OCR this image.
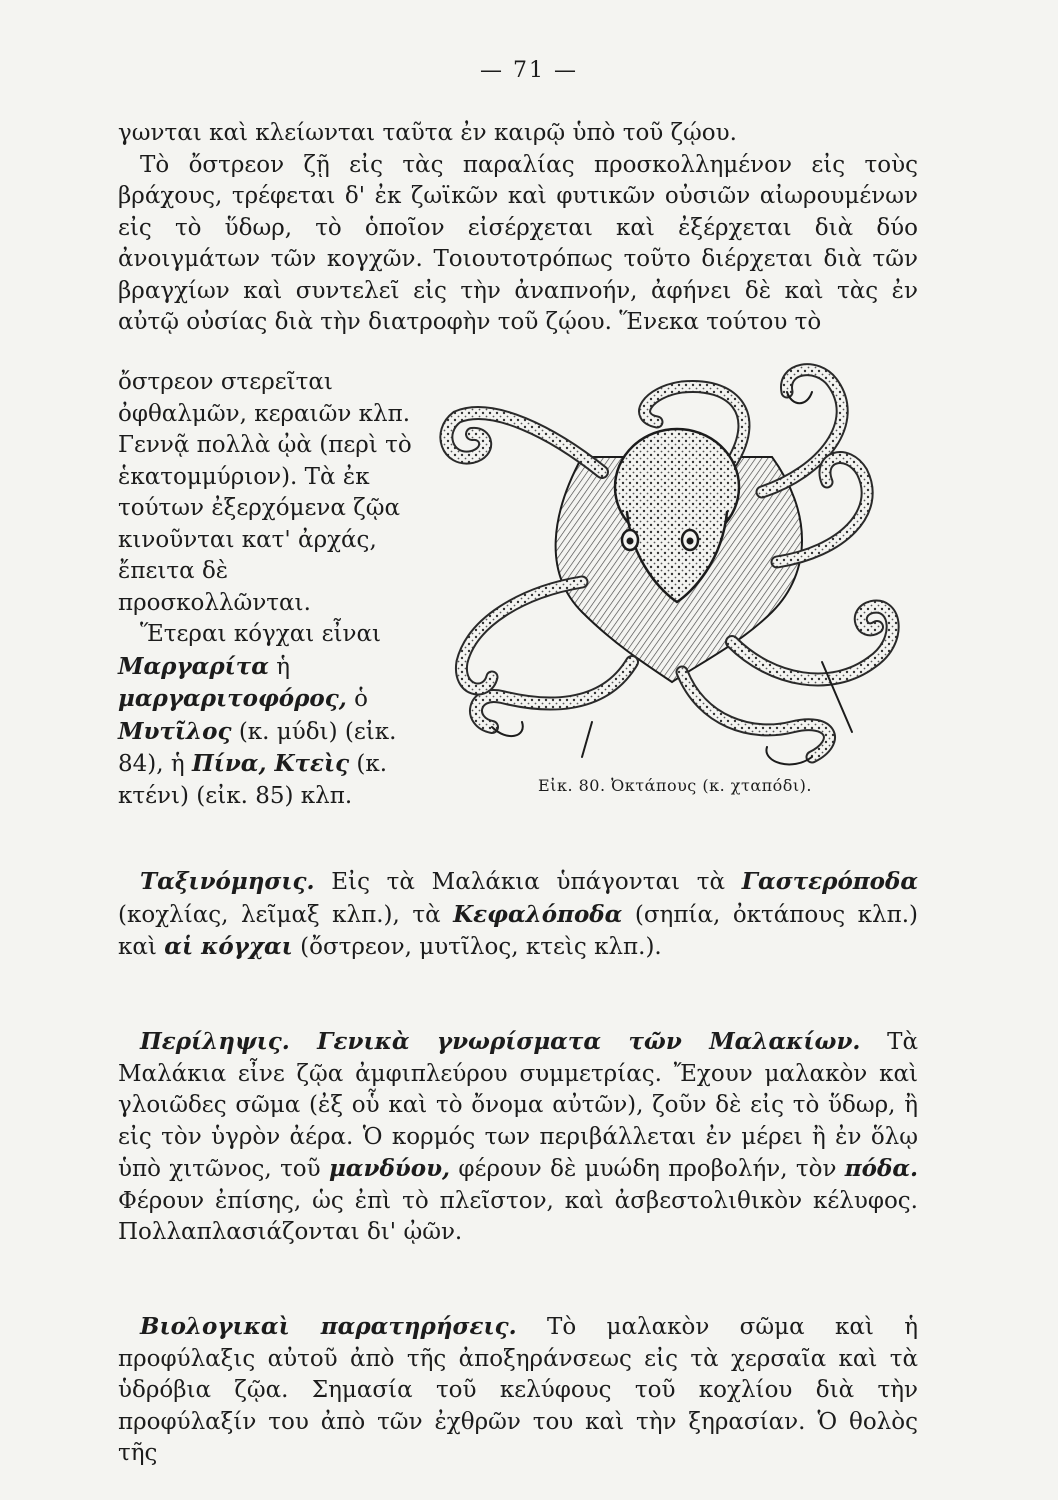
— 71 —

γωνται καὶ κλείωνται ταῦτα ἐν καιρῷ ὑπὸ τοῦ ζῴου.

Τὸ ὄστρεον ζῇ εἰς τὰς παραλίας προσκολλημένον εἰς τοὺς βράχους, τρέφεται δ' ἐκ ζωϊκῶν καὶ φυτικῶν οὐσιῶν αἰωρουμένων εἰς τὸ ὕδωρ, τὸ ὁποῖον εἰσέρχεται καὶ ἐξέρχεται διὰ δύο ἀνοιγμάτων τῶν κογχῶν. Τοιουτοτρόπως τοῦτο διέρχεται διὰ τῶν βραγχίων καὶ συντελεῖ εἰς τὴν ἀναπνοήν, ἀφήνει δὲ καὶ τὰς ἐν αὐτῷ οὐσίας διὰ τὴν διατροφὴν τοῦ ζῴου. Ἕνεκα τούτου τὸ

ὄστρεον στερεῖται ὀφθαλμῶν, κεραιῶν κλπ. Γεννᾷ πολλὰ ᾠὰ (περὶ τὸ ἑκατομμύριον). Τὰ ἐκ τούτων ἐξερχόμενα ζῷα κινοῦνται κατ' ἀρχάς, ἔπειτα δὲ προσκολλῶνται.

Ἕτεραι κόγχαι εἶναι Μαργαρίτα ἡ μαργαριτοφόρος, ὁ Μυτῖλος (κ. μύδι) (εἰκ. 84), ἡ Πίνα, Κτεὶς (κ. κτένι) (εἰκ. 85) κλπ.	Εἰκ. 80. Ὀκτάπους (κ. χταπόδι).

Ταξινόμησις. Εἰς τὰ Μαλάκια ὑπάγονται τὰ Γαστερόποδα (κοχλίας, λεῖμαξ κλπ.), τὰ Κεφαλόποδα (σηπία, ὀκτάπους κλπ.) καὶ αἱ κόγχαι (ὄστρεον, μυτῖλος, κτεὶς κλπ.).

Περίληψις. Γενικὰ γνωρίσματα τῶν Μαλακίων. Τὰ Μαλάκια εἶνε ζῷα ἀμφιπλεύρου συμμετρίας. Ἔχουν μαλακὸν καὶ γλοιῶδες σῶμα (ἐξ οὗ καὶ τὸ ὄνομα αὐτῶν), ζοῦν δὲ εἰς τὸ ὕδωρ, ἢ εἰς τὸν ὑγρὸν ἀέρα. Ὁ κορμός των περιβάλλεται ἐν μέρει ἢ ἐν ὅλῳ ὑπὸ χιτῶνος, τοῦ μανδύου, φέρουν δὲ μυώδη προβολήν, τὸν πόδα. Φέρουν ἐπίσης, ὡς ἐπὶ τὸ πλεῖστον, καὶ ἀσβεστολιθικὸν κέλυφος. Πολλαπλασιάζονται δι' ᾠῶν.

Βιολογικαὶ παρατηρήσεις. Τὸ μαλακὸν σῶμα καὶ ἡ προφύλαξις αὐτοῦ ἀπὸ τῆς ἀποξηράνσεως εἰς τὰ χερσαῖα καὶ τὰ ὑδρόβια ζῷα. Σημασία τοῦ κελύφους τοῦ κοχλίου διὰ τὴν προφύλαξίν του ἀπὸ τῶν ἐχθρῶν του καὶ τὴν ξηρασίαν. Ὁ θολὸς τῆς
